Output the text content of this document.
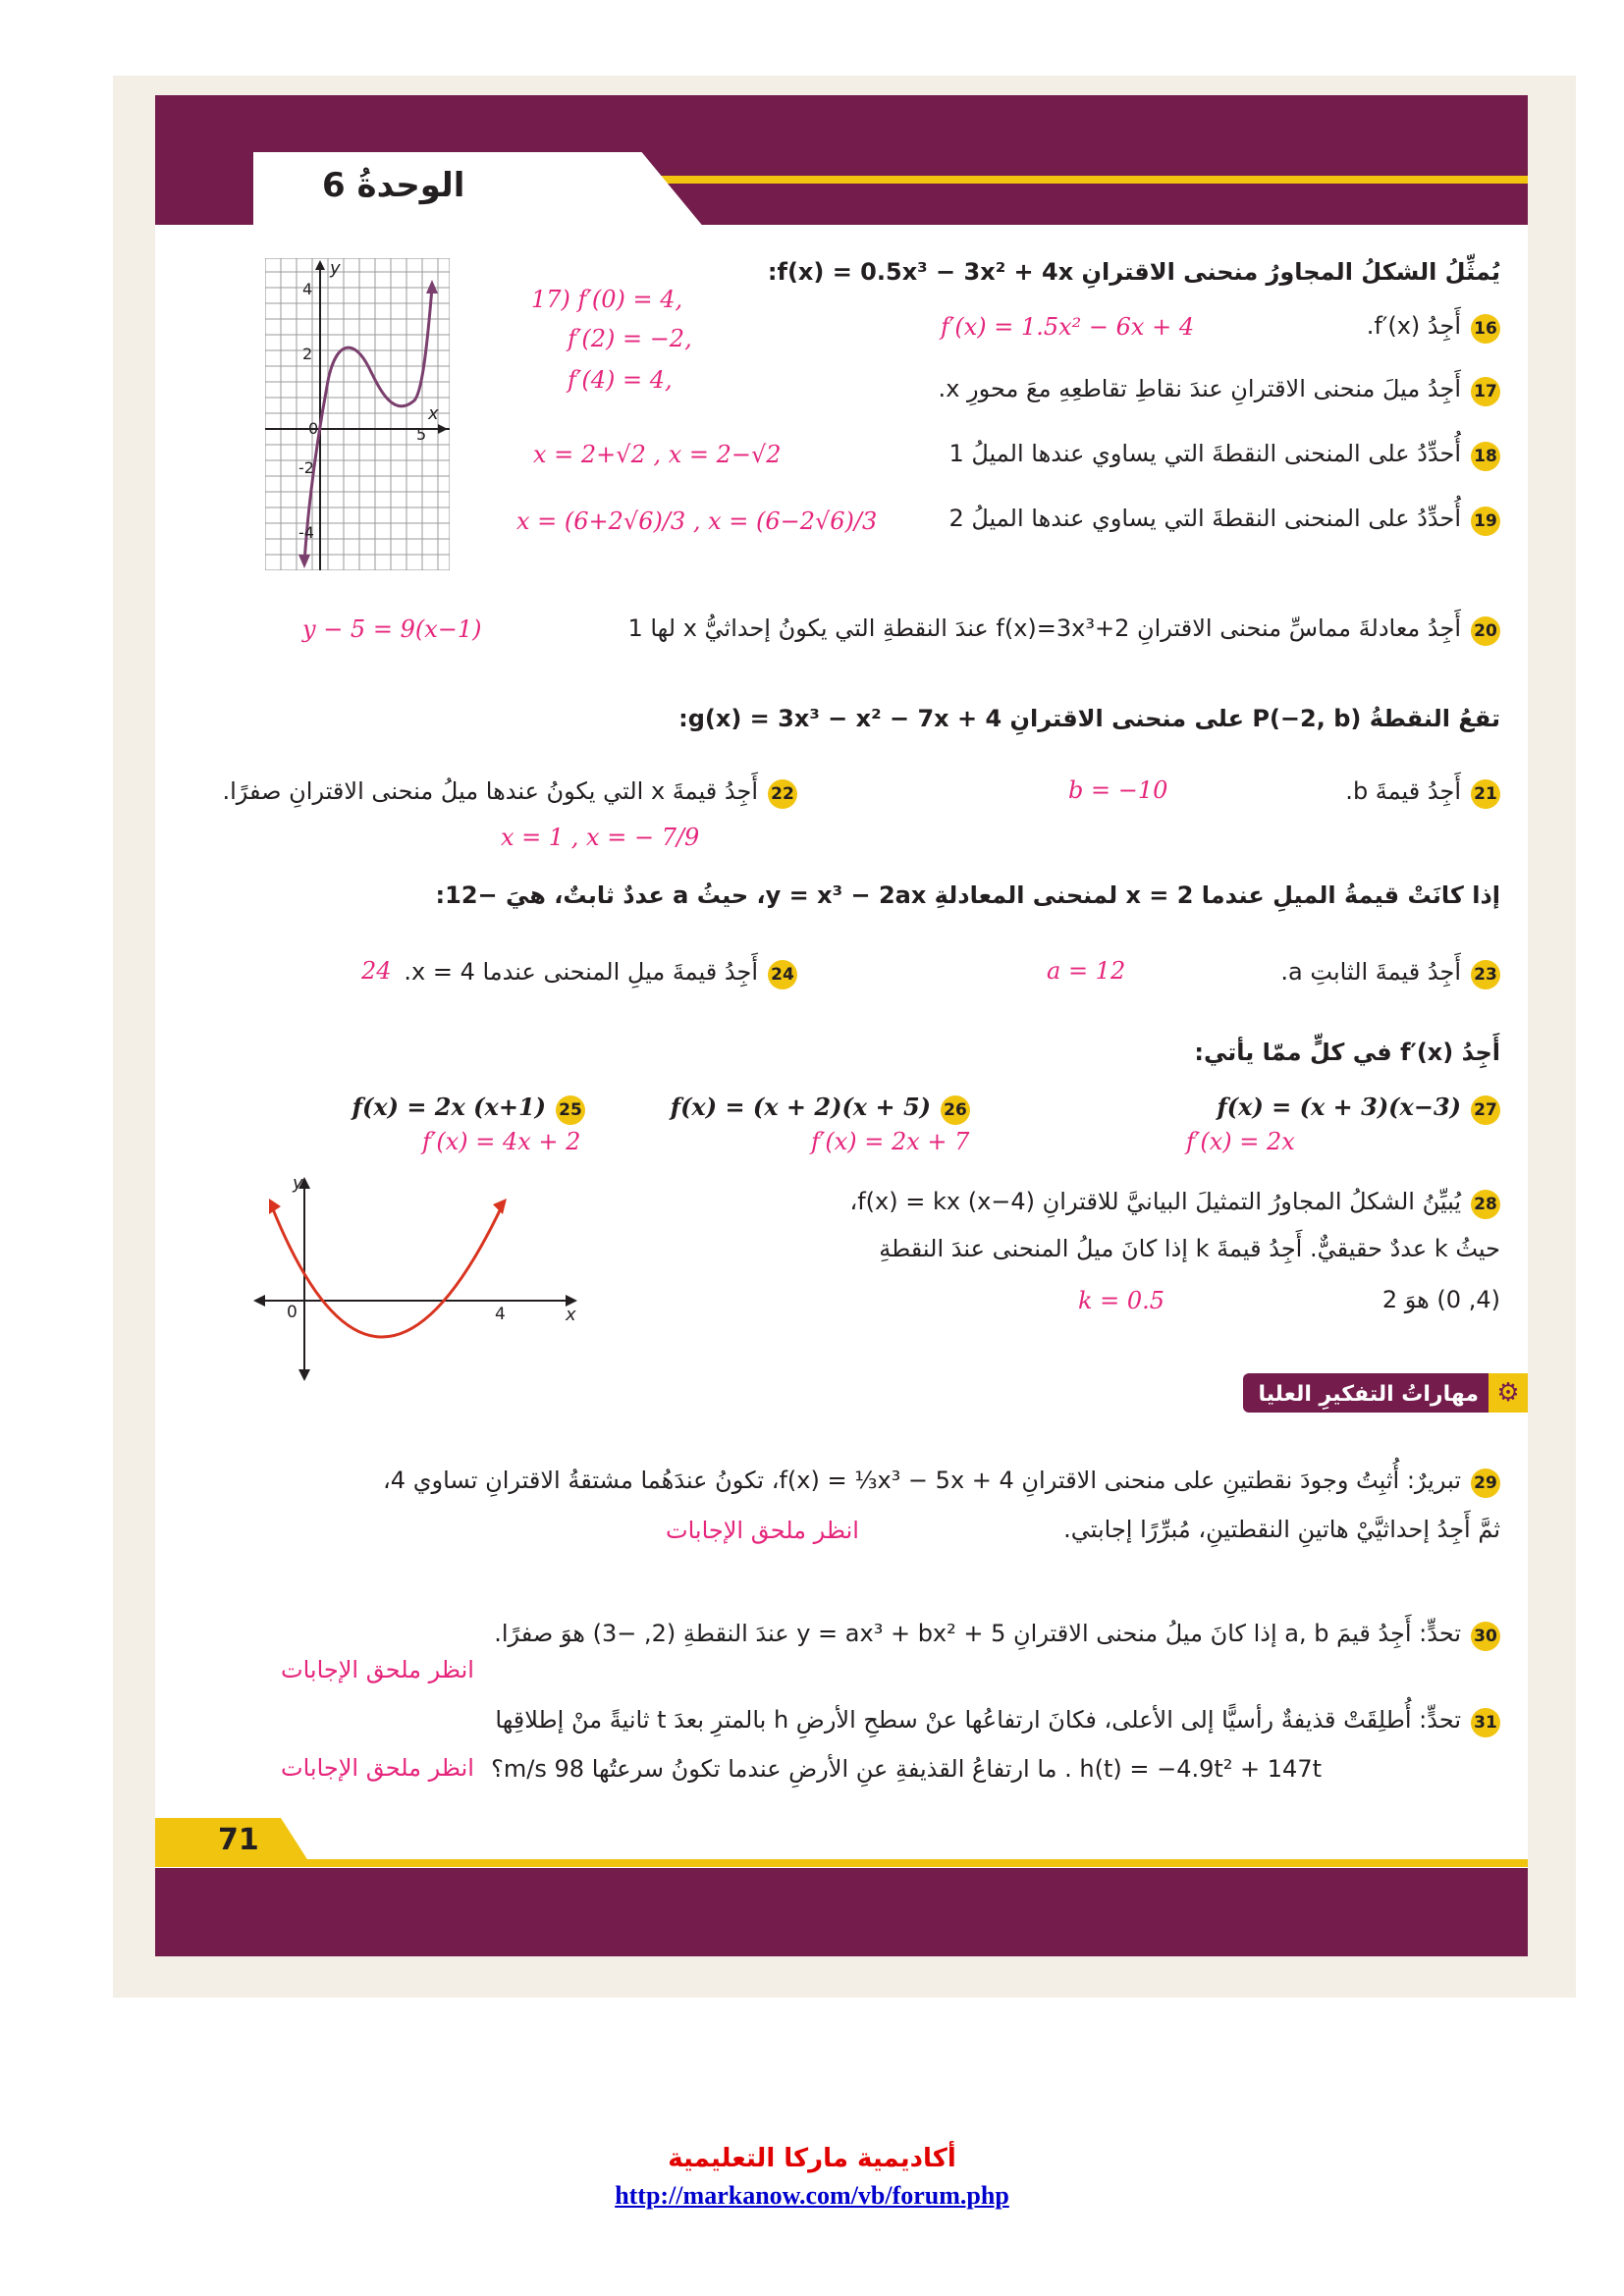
الوحدةُ 6
y
x
4
2
0	5
-2
-4
17) f′(0) = 4,
f′(2) = −2,
f′(4) = 4,
يُمثِّلُ الشكلُ المجاورُ منحنى الاقترانِ f(x) = 0.5x³ − 3x² + 4x:
16أَجِدُ f′(x).
f′(x) = 1.5x² − 6x + 4
17أَجِدُ ميلَ منحنى الاقترانِ عندَ نقاطِ تقاطعِهِ معَ محورِ x.
18أُحدِّدُ على المنحنى النقطةَ التي يساوي عندها الميلُ 1
x = 2+√2 , x = 2−√2
19أُحدِّدُ على المنحنى النقطةَ التي يساوي عندها الميلُ 2
x = (6+2√6)/3 , x = (6−2√6)/3
20أَجِدُ معادلةَ مماسِّ منحنى الاقترانِ f(x)=3x³+2 عندَ النقطةِ التي يكونُ إحداثيُّ x لها 1
y − 5 = 9(x−1)
تقعُ النقطةُ P(−2, b) على منحنى الاقترانِ g(x) = 3x³ − x² − 7x + 4:
21أَجِدُ قيمةَ b.
b = −10
22أَجِدُ قيمةَ x التي يكونُ عندها ميلُ منحنى الاقترانِ صفرًا.
x = 1 , x = − 7/9
إذا كانَتْ قيمةُ الميلِ عندما x = 2 لمنحنى المعادلةِ y = x³ − 2ax، حيثُ a عددٌ ثابتٌ، هيَ −12:
23أَجِدُ قيمةَ الثابتِ a.
a = 12
24أَجِدُ قيمةَ ميلِ المنحنى عندما x = 4.
24
أَجِدُ f′(x) في كلٍّ ممّا يأتي:
27f(x) = (x + 3)(x−3)
f′(x) = 2x
26f(x) = (x + 2)(x + 5)
f′(x) = 2x + 7
25f(x) = 2x (x+1)
f′(x) = 4x + 2
y
x
0	4
28يُبيِّنُ الشكلُ المجاورُ التمثيلَ البيانيَّ للاقترانِ f(x) = kx (x−4)،
حيثُ k عددٌ حقيقيٌّ. أَجِدُ قيمةَ k إذا كانَ ميلُ المنحنى عندَ النقطةِ
(4, 0) هوَ 2
k = 0.5
⚙مهاراتُ التفكيرِ العليا
29تبريرٌ: أُثبِتُ وجودَ نقطتينِ على منحنى الاقترانِ f(x) = ⅓x³ − 5x + 4، تكونُ عندَهُما مشتقةُ الاقترانِ تساوي 4،
ثمَّ أَجِدُ إحداثيَّيْ هاتينِ النقطتينِ، مُبرِّرًا إجابتي.
انظر ملحق الإجابات
30تحدٍّ: أَجِدُ قيمَ a, b إذا كانَ ميلُ منحنى الاقترانِ y = ax³ + bx² + 5 عندَ النقطةِ (2, −3) هوَ صفرًا.
انظر ملحق الإجابات
31تحدٍّ: أُطلِقَتْ قذيفةٌ رأسيًّا إلى الأعلى، فكانَ ارتفاعُها عنْ سطحِ الأرضِ h بالمترِ بعدَ t ثانيةً منْ إطلاقِها
h(t) = −4.9t² + 147t . ما ارتفاعُ القذيفةِ عنِ الأرضِ عندما تكونُ سرعتُها 98 m/s؟
انظر ملحق الإجابات
71
أكاديمية ماركا التعليمية
http://markanow.com/vb/forum.php
